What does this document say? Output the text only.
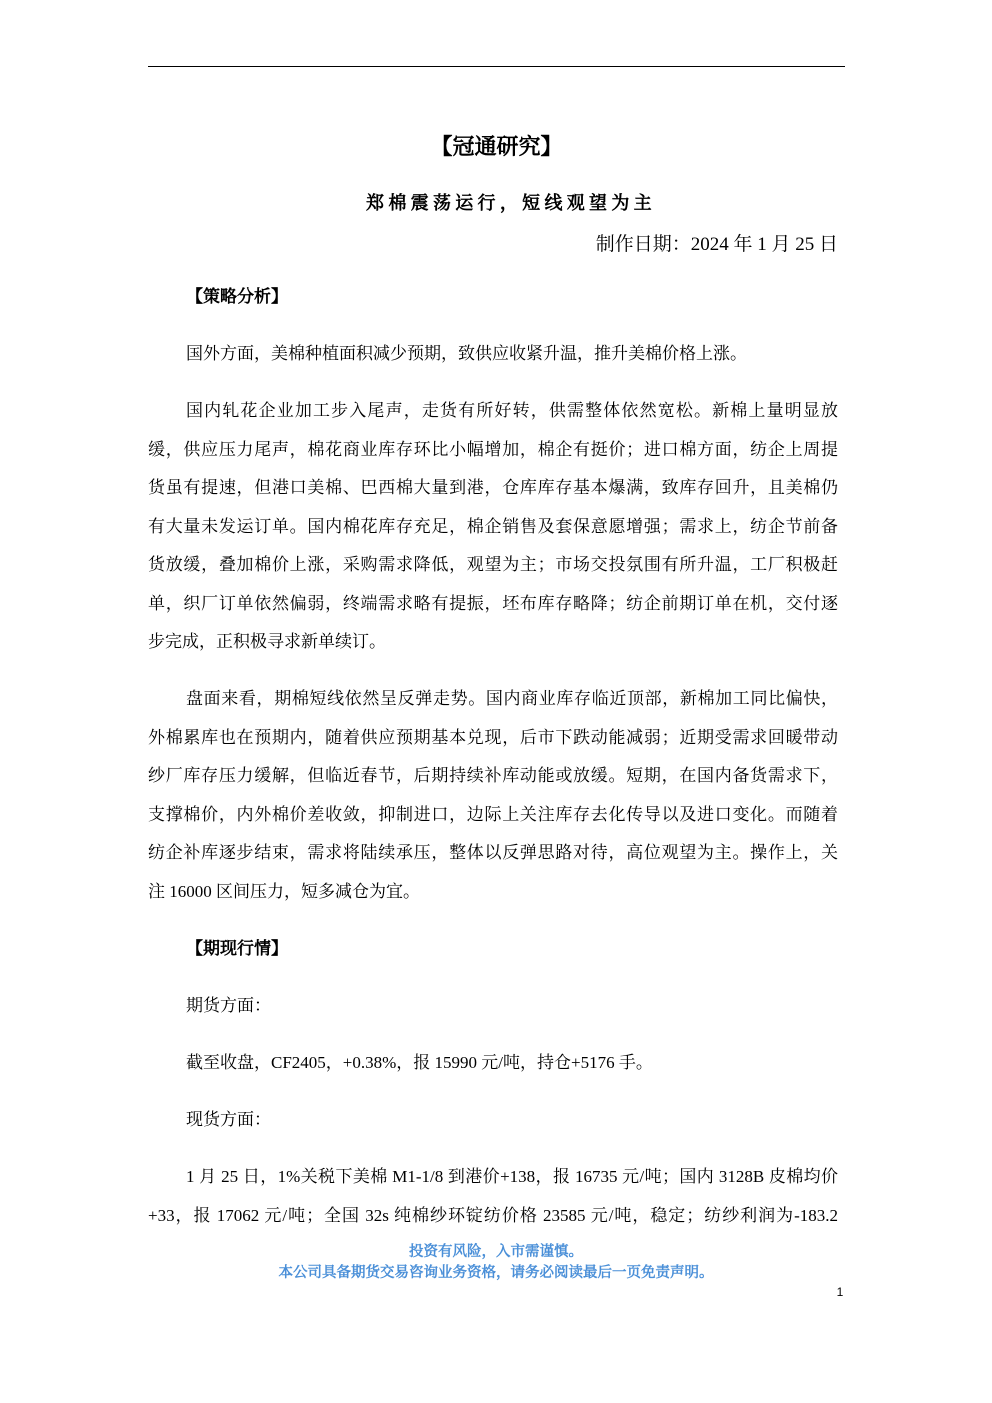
【冠通研究】
郑棉震荡运行，短线观望为主
制作日期：2024 年 1 月 25 日
【策略分析】
国外方面，美棉种植面积减少预期，致供应收紧升温，推升美棉价格上涨。
国内轧花企业加工步入尾声，走货有所好转，供需整体依然宽松。新棉上量明显放
缓，供应压力尾声，棉花商业库存环比小幅增加，棉企有挺价；进口棉方面，纺企上周提
货虽有提速，但港口美棉、巴西棉大量到港，仓库库存基本爆满，致库存回升，且美棉仍
有大量未发运订单。国内棉花库存充足，棉企销售及套保意愿增强；需求上，纺企节前备
货放缓，叠加棉价上涨，采购需求降低，观望为主；市场交投氛围有所升温，工厂积极赶
单，织厂订单依然偏弱，终端需求略有提振，坯布库存略降；纺企前期订单在机，交付逐
步完成，正积极寻求新单续订。
盘面来看，期棉短线依然呈反弹走势。国内商业库存临近顶部，新棉加工同比偏快，
外棉累库也在预期内，随着供应预期基本兑现，后市下跌动能减弱；近期受需求回暖带动
纱厂库存压力缓解，但临近春节，后期持续补库动能或放缓。短期，在国内备货需求下，
支撑棉价，内外棉价差收敛，抑制进口，边际上关注库存去化传导以及进口变化。而随着
纺企补库逐步结束，需求将陆续承压，整体以反弹思路对待，高位观望为主。操作上，关
注 16000 区间压力，短多减仓为宜。
【期现行情】
期货方面：
截至收盘，CF2405，+0.38%，报 15990 元/吨，持仓+5176 手。
现货方面：
1 月 25 日，1%关税下美棉 M1-1/8 到港价+138，报 16735 元/吨；国内 3128B 皮棉均价
+33，报 17062 元/吨；全国 32s 纯棉纱环锭纺价格 23585 元/吨，稳定；纺纱利润为-183.2
投资有风险，入市需谨慎。
本公司具备期货交易咨询业务资格，请务必阅读最后一页免责声明。
1
